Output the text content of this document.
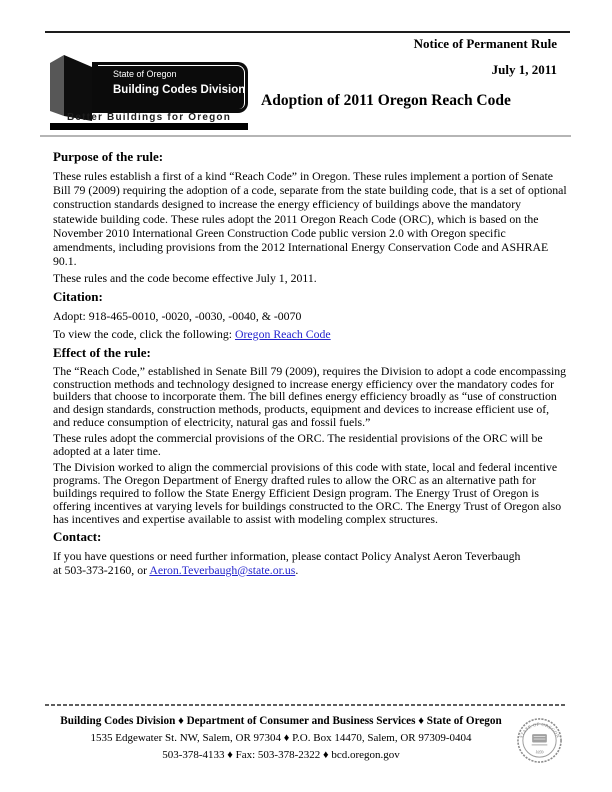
Notice of Permanent Rule
July 1, 2011
State of Oregon
Building Codes Division
Better Buildings for Oregon
Adoption of 2011 Oregon Reach Code
Purpose of the rule:

These rules establish a first of a kind “Reach Code” in Oregon. These rules implement a portion of Senate Bill 79 (2009) requiring the adoption of a code, separate from the state building code, that is a set of optional construction standards designed to increase the energy efficiency of buildings above the mandatory statewide building code. These rules adopt the 2011 Oregon Reach Code (ORC), which is based on the November 2010 International Green Construction Code public version 2.0 with Oregon specific amendments, including provisions from the 2012 International Energy Conservation Code and ASHRAE 90.1.

These rules and the code become effective July 1, 2011.

Citation:

Adopt: 918-465-0010, -0020, -0030, -0040, & -0070

To view the code, click the following: Oregon Reach Code

Effect of the rule:

The “Reach Code,” established in Senate Bill 79 (2009), requires the Division to adopt a code encompassing construction methods and technology designed to increase energy efficiency over the mandatory codes for builders that choose to incorporate them. The bill defines energy efficiency broadly as “use of construction and design standards, construction methods, products, equipment and devices to increase efficient use of, and reduce consumption of electricity, natural gas and fossil fuels.”

These rules adopt the commercial provisions of the ORC. The residential provisions of the ORC will be adopted at a later time.

The Division worked to align the commercial provisions of this code with state, local and federal incentive programs. The Oregon Department of Energy drafted rules to allow the ORC as an alternative path for buildings required to follow the State Energy Efficient Design program. The Energy Trust of Oregon is offering incentives at varying levels for buildings constructed to the ORC. The Energy Trust of Oregon also has incentives and expertise available to assist with modeling complex structures.

Contact:

If you have questions or need further information, please contact Policy Analyst Aeron Teverbaugh
at 503-373-2160, or Aeron.Teverbaugh@state.or.us.

Building Codes Division ♦ Department of Consumer and Business Services ♦ State of Oregon
1535 Edgewater St. NW, Salem, OR 97304 ♦ P.O. Box 14470, Salem, OR 97309-0404
503-378-4133 ♦ Fax: 503-378-2322 ♦ bcd.oregon.gov
STATE OF OREGON
1859
